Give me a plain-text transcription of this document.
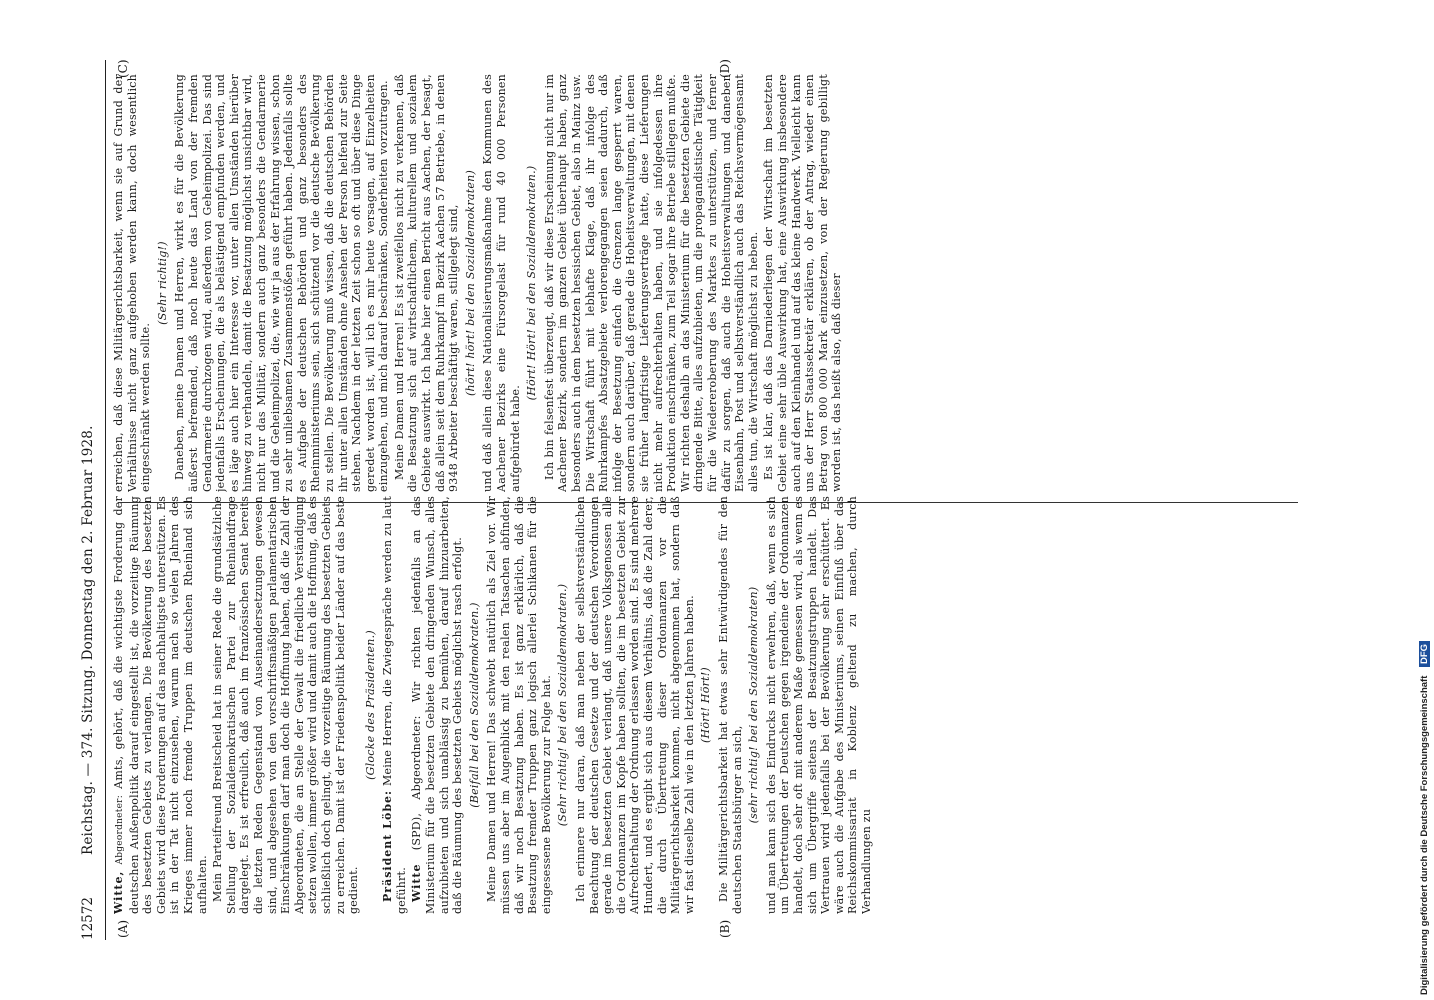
12572
Reichstag. — 374. Sitzung. Donnerstag den 2. Februar 1928.
(A)	(B)
(C)	(D)

Witte, Abgeordneter: Amts, gehört, daß die wichtigste Forderung der deutschen Außenpolitik darauf eingestellt ist, die vorzeitige Räumung des besetzten Gebiets zu verlangen. Die Bevölkerung des besetzten Gebiets wird diese Forderungen auf das nachhaltigste unterstützen. Es ist in der Tat nicht einzusehen, warum nach so vielen Jahren des Krieges immer noch fremde Truppen im deutschen Rheinland sich aufhalten. Mein Parteifreund Breitscheid hat in seiner Rede die grundsätzliche Stellung der Sozialdemokratischen Partei zur Rheinlandfrage dargelegt. Es ist erfreulich, daß auch im französischen Senat bereits die letzten Reden Gegenstand von Auseinandersetzungen gewesen sind, und abgesehen von den vorschriftsmäßigen parlamentarischen Einschränkungen darf man doch die Hoffnung haben, daß die Zahl der Abgeordneten, die an Stelle der Gewalt die friedliche Verständigung setzen wollen, immer größer wird und damit auch die Hoffnung, daß es schließlich doch gelingt, die vorzeitige Räumung des besetzten Gebiets zu erreichen. Damit ist der Friedenspolitik beider Länder auf das beste gedient.

(Glocke des Präsidenten.)

Präsident Löbe: Meine Herren, die Zwiegespräche werden zu laut geführt. Witte (SPD), Abgeordneter: Wir richten jedenfalls an das Ministerium für die besetzten Gebiete den dringenden Wunsch, alles aufzubieten und sich unablässig zu bemühen, darauf hinzuarbeiten, daß die Räumung des besetzten Gebiets möglichst rasch erfolgt. (Beifall bei den Sozialdemokraten.) Meine Damen und Herren! Das schwebt natürlich als Ziel vor. Wir müssen uns aber im Augenblick mit den realen Tatsachen abfinden, daß wir noch Besatzung haben. Es ist ganz erklärlich, daß die Besatzung fremder Truppen ganz logisch allerlei Schikanen für die eingesessene Bevölkerung zur Folge hat. (Sehr richtig! bei den Sozialdemokraten.) Ich erinnere nur daran, daß man neben der selbstverständlichen Beachtung der deutschen Gesetze und der deutschen Verordnungen gerade im besetzten Gebiet verlangt, daß unsere Volksgenossen alle die Ordonnanzen im Kopfe haben sollten, die im besetzten Gebiet zur Aufrechterhaltung der Ordnung erlassen worden sind. Es sind mehrere Hundert, und es ergibt sich aus diesem Verhältnis, daß die Zahl derer, die durch Übertretung dieser Ordonnanzen vor die Militärgerichtsbarkeit kommen, nicht abgenommen hat, sondern daß wir fast dieselbe Zahl wie in den letzten Jahren haben. (Hört! Hört!) Die Militärgerichtsbarkeit hat etwas sehr Entwürdigendes für den deutschen Staatsbürger an sich, (sehr richtig! bei den Sozialdemokraten) und man kann sich des Eindrucks nicht erwehren, daß, wenn es sich um Übertretungen der Deutschen gegen irgendeine der Ordonnanzen handelt, doch sehr oft mit anderem Maße gemessen wird, als wenn es sich um Übergriffe seitens der Besatzungstruppen handelt. Das Vertrauen wird jedenfalls bei der Bevölkerung sehr erschüttert. Es wäre auch die Aufgabe des Ministeriums, seinen Einfluß über das Reichskommissariat in Koblenz geltend zu machen, durch Verhandlungen zu

erreichen, daß diese Militärgerichtsbarkeit, wenn sie auf Grund der Verhältnisse nicht ganz aufgehoben werden kann, doch wesentlich eingeschränkt werden sollte.

(Sehr richtig!) Daneben, meine Damen und Herren, wirkt es für die Bevölkerung äußerst befremdend, daß noch heute das Land von der fremden Gendarmerie durchzogen wird, außerdem von Geheimpolizei. Das sind jedenfalls Erscheinungen, die als belästigend empfunden werden, und es läge auch hier ein Interesse vor, unter allen Umständen hierüber hinweg zu verhandeln, damit die Besatzung möglichst unsichtbar wird, nicht nur das Militär, sondern auch ganz besonders die Gendarmerie und die Geheimpolizei, die, wie wir ja aus der Erfahrung wissen, schon zu sehr unliebsamen Zusammenstößen geführt haben. Jedenfalls sollte es Aufgabe der deutschen Behörden und ganz besonders des Rheinministeriums sein, sich schützend vor die deutsche Bevölkerung zu stellen. Die Bevölkerung muß wissen, daß die deutschen Behörden ihr unter allen Umständen ohne Ansehen der Person helfend zur Seite stehen. Nachdem in der letzten Zeit schon so oft und über diese Dinge geredet worden ist, will ich es mir heute versagen, auf Einzelheiten einzugehen, und mich darauf beschränken, Sonderheiten vorzutragen. Meine Damen und Herren! Es ist zweifellos nicht zu verkennen, daß die Besatzung sich auf wirtschaftlichem, kulturellem und sozialem Gebiete auswirkt. Ich habe hier einen Bericht aus Aachen, der besagt, daß allein seit dem Ruhrkampf im Bezirk Aachen 57 Betriebe, in denen 9348 Arbeiter beschäftigt waren, stillgelegt sind, (hört! hört! bei den Sozialdemokraten) und daß allein diese Nationalisierungsmaßnahme den Kommunen des Aachener Bezirks eine Fürsorgelast für rund 40 000 Personen aufgebürdet habe.

(Hört! Hört! bei den Sozialdemokraten.) Ich bin felsenfest überzeugt, daß wir diese Erscheinung nicht nur im Aachener Bezirk, sondern im ganzen Gebiet überhaupt haben, ganz besonders auch in dem besetzten hessischen Gebiet, also in Mainz usw. Die Wirtschaft führt mit lebhafte Klage, daß ihr infolge des Ruhrkampfes Absatzgebiete verlorengegangen seien dadurch, daß infolge der Besetzung einfach die Grenzen lange gesperrt waren, sondern auch darüber, daß gerade die Hoheitsverwaltungen, mit denen sie früher langfristige Lieferungsverträge hatte, diese Lieferungen nicht mehr aufrechterhalten haben, und sie infolgedessen ihre Produktion einschränken, zum Teil sogar ihre Betriebe stillegen mußte. Wir richten deshalb an das Ministerium für die besetzten Gebiete die dringende Bitte, alles aufzubieten, um die propagandistische Tätigkeit für die Wiedereroberung des Marktes zu unterstützen, und ferner dafür zu sorgen, daß auch die Hoheitsverwaltungen und daneben Eisenbahn, Post und selbstverständlich auch das Reichsvermögensamt alles tun, die Wirtschaft möglichst zu heben. Es ist klar, daß das Darniederliegen der Wirtschaft im besetzten Gebiet eine sehr üble Auswirkung hat, eine Auswirkung insbesondere auch auf den Kleinhandel und auf das kleine Handwerk. Vielleicht kann uns der Herr Staatssekretär erklären, ob der Antrag, wieder einen Betrag von 800 000 Mark einzusetzen, von der Regierung gebilligt worden ist, das heißt also, daß dieser

Digitalisierung gefördert durch die Deutsche Forschungsgemeinschaft DFG
